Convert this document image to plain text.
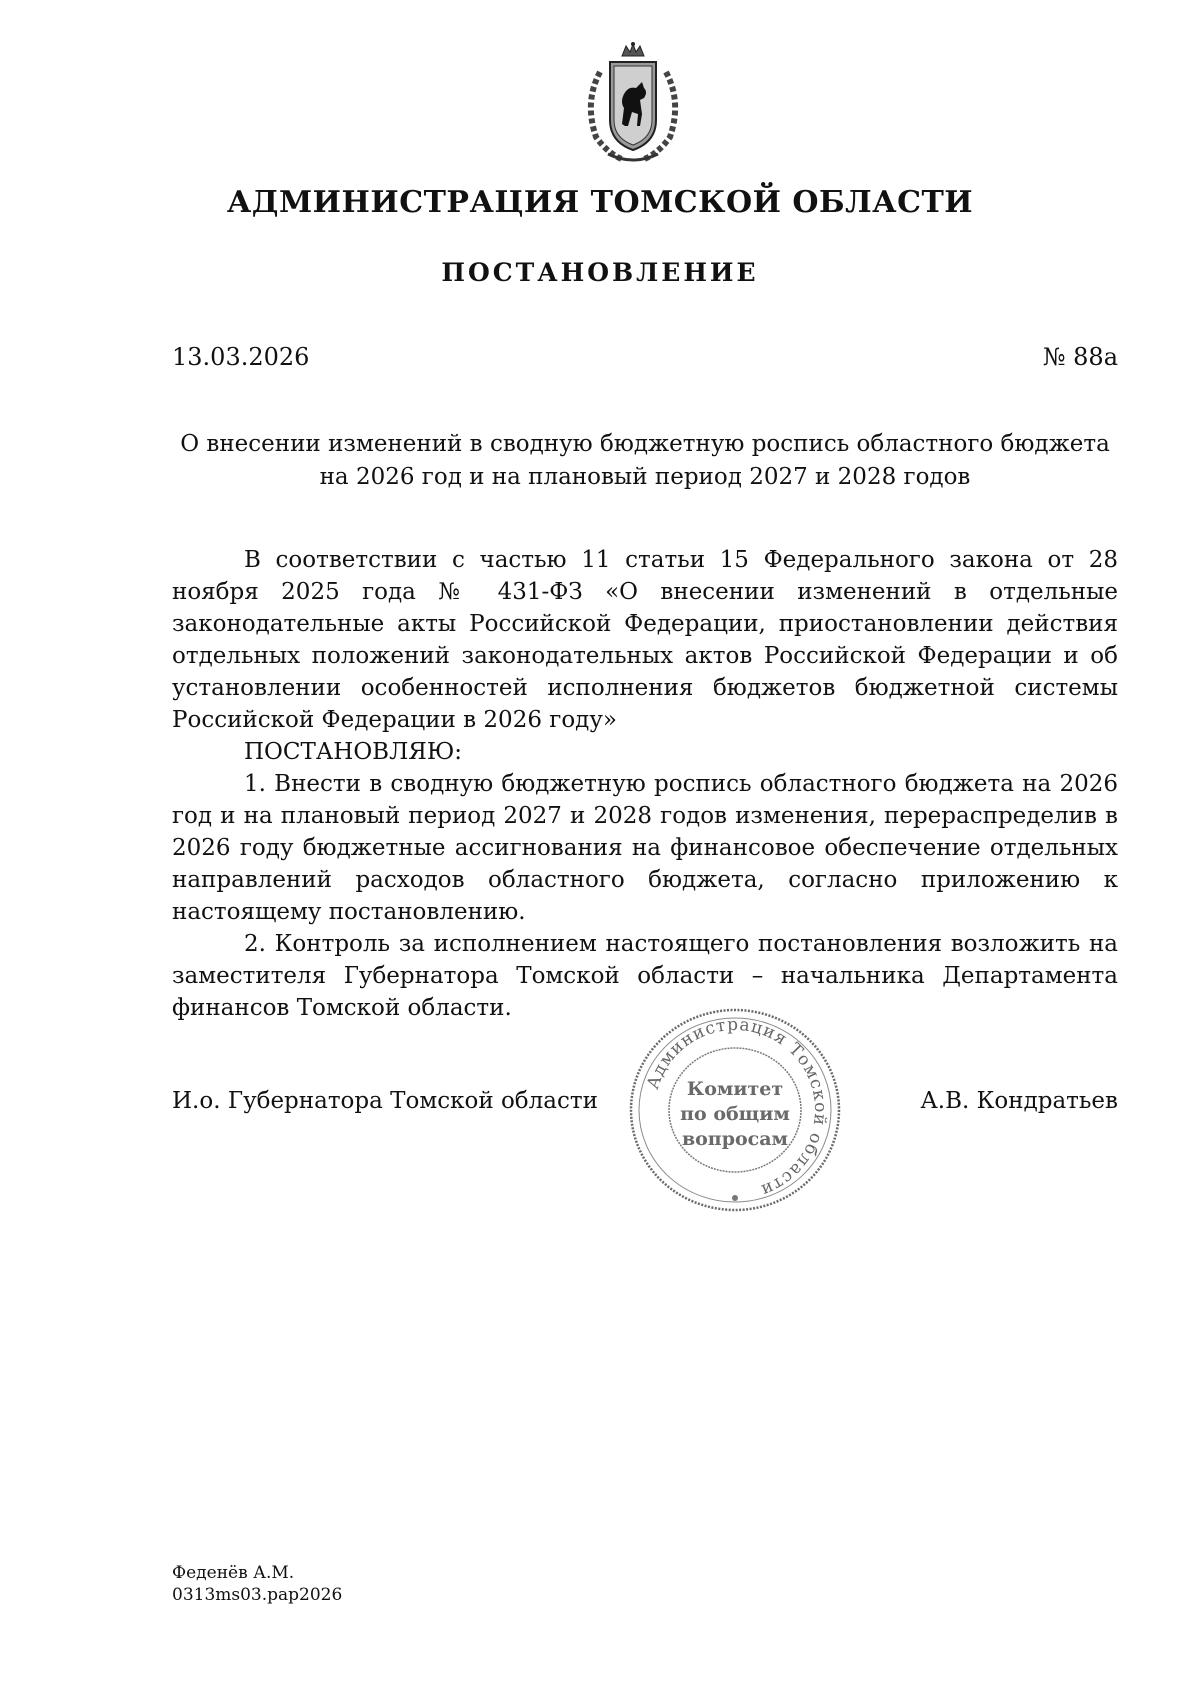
АДМИНИСТРАЦИЯ ТОМСКОЙ ОБЛАСТИ
ПОСТАНОВЛЕНИЕ
13.03.2026	№ 88а
О внесении изменений в сводную бюджетную роспись областного бюджета
на 2026 год и на плановый период 2027 и 2028 годов

В соответствии с частью 11 статьи 15 Федерального закона от 28 ноября 2025 года № 431-ФЗ «О внесении изменений в отдельные законодательные акты Российской Федерации, приостановлении действия отдельных положений законодательных актов Российской Федерации и об установлении особенностей исполнения бюджетов бюджетной системы Российской Федерации в 2026 году»

ПОСТАНОВЛЯЮ:

1. Внести в сводную бюджетную роспись областного бюджета на 2026 год и на плановый период 2027 и 2028 годов изменения, перераспределив в 2026 году бюджетные ассигнования на финансовое обеспечение отдельных направлений расходов областного бюджета, согласно приложению к настоящему постановлению.

2. Контроль за исполнением настоящего постановления возложить на заместителя Губернатора Томской области – начальника Департамента финансов Томской области.

И.о. Губернатора Томской области	А.В. Кондратьев
Администрация Томской области
Комитет
по общим
вопросам
Феденёв А.М.
0313ms03.pap2026
